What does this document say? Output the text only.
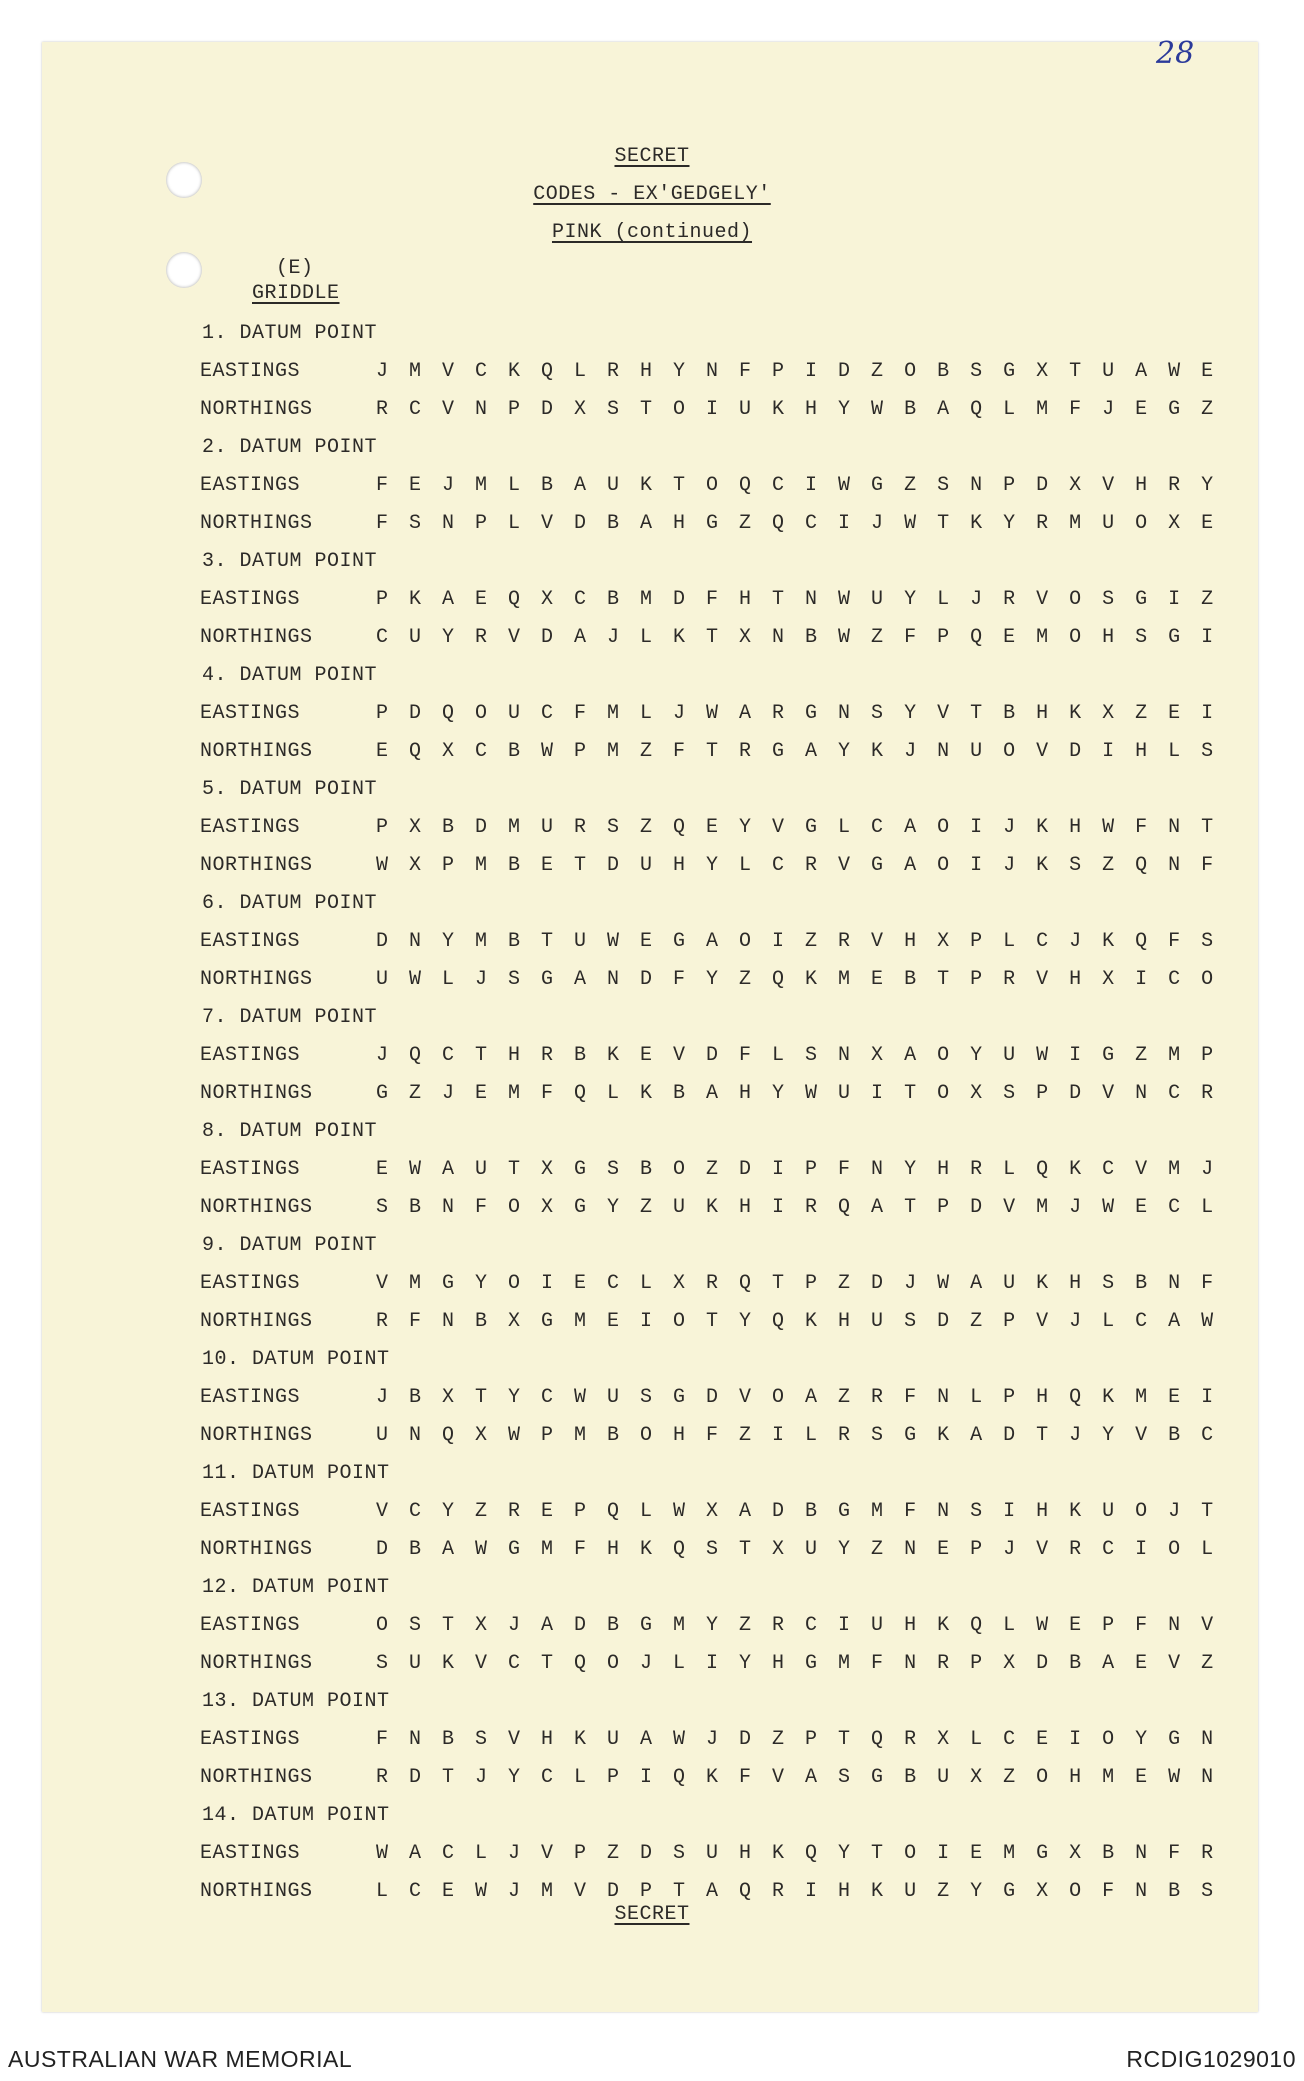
28
SECRET
CODES - EX'GEDGELY'
PINK (continued)
(E)
GRIDDLE
1. DATUM POINT
EASTINGS	J M V C K Q L R H Y N F P I D Z O B S G X T U A W E
NORTHINGS	R C V N P D X S T O I U K H Y W B A Q L M F J E G Z
2. DATUM POINT
EASTINGS	F E J M L B A U K T O Q C I W G Z S N P D X V H R Y
NORTHINGS	F S N P L V D B A H G Z Q C I J W T K Y R M U O X E
3. DATUM POINT
EASTINGS	P K A E Q X C B M D F H T N W U Y L J R V O S G I Z
NORTHINGS	C U Y R V D A J L K T X N B W Z F P Q E M O H S G I
4. DATUM POINT
EASTINGS	P D Q O U C F M L J W A R G N S Y V T B H K X Z E I
NORTHINGS	E Q X C B W P M Z F T R G A Y K J N U O V D I H L S
5. DATUM POINT
EASTINGS	P X B D M U R S Z Q E Y V G L C A O I J K H W F N T
NORTHINGS	W X P M B E T D U H Y L C R V G A O I J K S Z Q N F
6. DATUM POINT
EASTINGS	D N Y M B T U W E G A O I Z R V H X P L C J K Q F S
NORTHINGS	U W L J S G A N D F Y Z Q K M E B T P R V H X I C O
7. DATUM POINT
EASTINGS	J Q C T H R B K E V D F L S N X A O Y U W I G Z M P
NORTHINGS	G Z J E M F Q L K B A H Y W U I T O X S P D V N C R
8. DATUM POINT
EASTINGS	E W A U T X G S B O Z D I P F N Y H R L Q K C V M J
NORTHINGS	S B N F O X G Y Z U K H I R Q A T P D V M J W E C L
9. DATUM POINT
EASTINGS	V M G Y O I E C L X R Q T P Z D J W A U K H S B N F
NORTHINGS	R F N B X G M E I O T Y Q K H U S D Z P V J L C A W
10. DATUM POINT
EASTINGS	J B X T Y C W U S G D V O A Z R F N L P H Q K M E I
NORTHINGS	U N Q X W P M B O H F Z I L R S G K A D T J Y V B C
11. DATUM POINT
EASTINGS	V C Y Z R E P Q L W X A D B G M F N S I H K U O J T
NORTHINGS	D B A W G M F H K Q S T X U Y Z N E P J V R C I O L
12. DATUM POINT
EASTINGS	O S T X J A D B G M Y Z R C I U H K Q L W E P F N V
NORTHINGS	S U K V C T Q O J L I Y H G M F N R P X D B A E V Z
13. DATUM POINT
EASTINGS	F N B S V H K U A W J D Z P T Q R X L C E I O Y G N
NORTHINGS	R D T J Y C L P I Q K F V A S G B U X Z O H M E W N
14. DATUM POINT
EASTINGS	W A C L J V P Z D S U H K Q Y T O I E M G X B N F R
NORTHINGS	L C E W J M V D P T A Q R I H K U Z Y G X O F N B S
SECRET
AUSTRALIAN WAR MEMORIAL	RCDIG1029010
